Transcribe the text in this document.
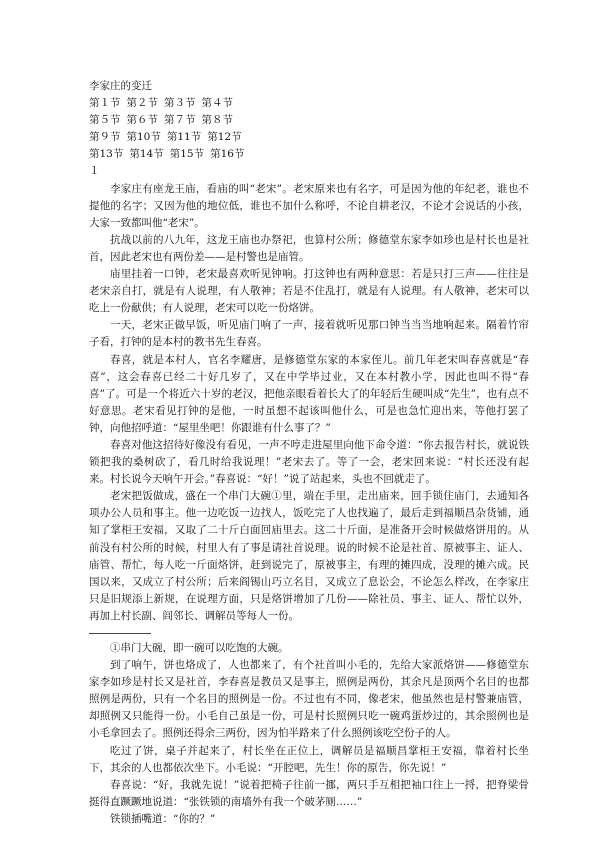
李家庄的变迁
第１节 第２节 第３节 第４节
第５节 第６节 第７节 第８节
第９节 第10节 第11节 第12节
第13节 第14节 第15节 第16节
１

李家庄有座龙王庙，看庙的叫“老宋”。老宋原来也有名字，可是因为他的年纪老，谁也不提他的名字；又因为他的地位低，谁也不加什么称呼，不论自耕老汉，不论才会说话的小孩，大家一致都叫他“老宋”。

抗战以前的八九年，这龙王庙也办祭祀，也算村公所；修德堂东家李如珍也是村长也是社首，因此老宋也有两份差——是村警也是庙管。

庙里挂着一口钟，老宋最喜欢听见钟响。打这钟也有两种意思：若是只打三声——往往是老宋亲自打，就是有人说理，有人敬神；若是不住乱打，就是有人说理。有人敬神，老宋可以吃上一份献供；有人说理，老宋可以吃一份烙饼。

一天，老宋正做早饭，听见庙门响了一声，接着就听见那口钟当当当地响起来。隔着竹帘子看，打钟的是本村的教书先生春喜。

春喜，就是本村人，官名李耀唐，是修德堂东家的本家侄儿。前几年老宋叫春喜就是“春喜”，这会春喜已经二十好几岁了，又在中学毕过业，又在本村教小学，因此也叫不得“春喜”了。可是一个将近六十岁的老汉，把他亲眼看着长大了的年轻后生硬叫成“先生”，也有点不好意思。老宋看见打钟的是他，一时虽想不起该叫他什么，可是也急忙迎出来，等他打罢了钟，向他招呼道：“屋里坐吧！你跟谁有什么事了？”

春喜对他这招待好像没有看见，一声不哼走进屋里向他下命令道：“你去报告村长，就说铁锁把我的桑树砍了，看几时给我说理！”老宋去了。等了一会，老宋回来说：“村长还没有起来。村长说今天响午开会。”春喜说：“好！”说了站起来，头也不回就走了。

老宋把饭做成，盛在一个串门大碗①里，端在手里，走出庙来，回手锁住庙门，去通知各项办公人员和事主。他一边吃饭一边找人，饭吃完了人也找遍了，最后走到福顺昌杂货铺，通知了掌柜王安福，又取了二十斤白面回庙里去。这二十斤面，是准备开会时候做烙饼用的。从前没有村公所的时候，村里人有了事是请社首说理。说的时候不论是社首、原被事主、证人、庙管、帮忙，每人吃一斤面烙饼，赶到说完了，原被事主，有理的摊四成，没理的摊六成。民国以来，又成立了村公所；后来阎锡山巧立名目，又成立了息讼会，不论怎么样改，在李家庄只是旧规添上新规，在说理方面，只是烙饼增加了几份——除社员、事主、证人、帮忙以外，再加上村长副、闾邻长、调解员等每人一份。

①串门大碗，即一碗可以吃饱的大碗。

到了响午，饼也烙成了，人也都来了，有个社首叫小毛的，先给大家派烙饼——修德堂东家李如珍是村长又是社首，李春喜是教员又是事主，照例是两份，其余凡是顶两个名目的也都照例是两份，只有一个名目的照例是一份。不过也有不同，像老宋，他虽然也是村警兼庙管，却照例又只能得一份。小毛自己虽是一份，可是村长照例只吃一碗鸡蛋炒过的，其余照例也是小毛拿回去了。照例还得余三两份，因为怕半路来了什么照例该吃空份子的人。

吃过了饼，桌子并起来了，村长坐在正位上，调解员是福顺昌掌柜王安福，靠着村长坐下，其余的人也都依次坐下。小毛说：“开腔吧，先生！你的原告，你先说！”

春喜说：“好，我就先说！”说着把椅子往前一挪，两只手互相把袖口往上一捋，把脊梁骨挺得直蹶蹶地说道：“张铁锁的南墙外有我一个破茅厕……”

铁锁插嘴道：“你的？”
